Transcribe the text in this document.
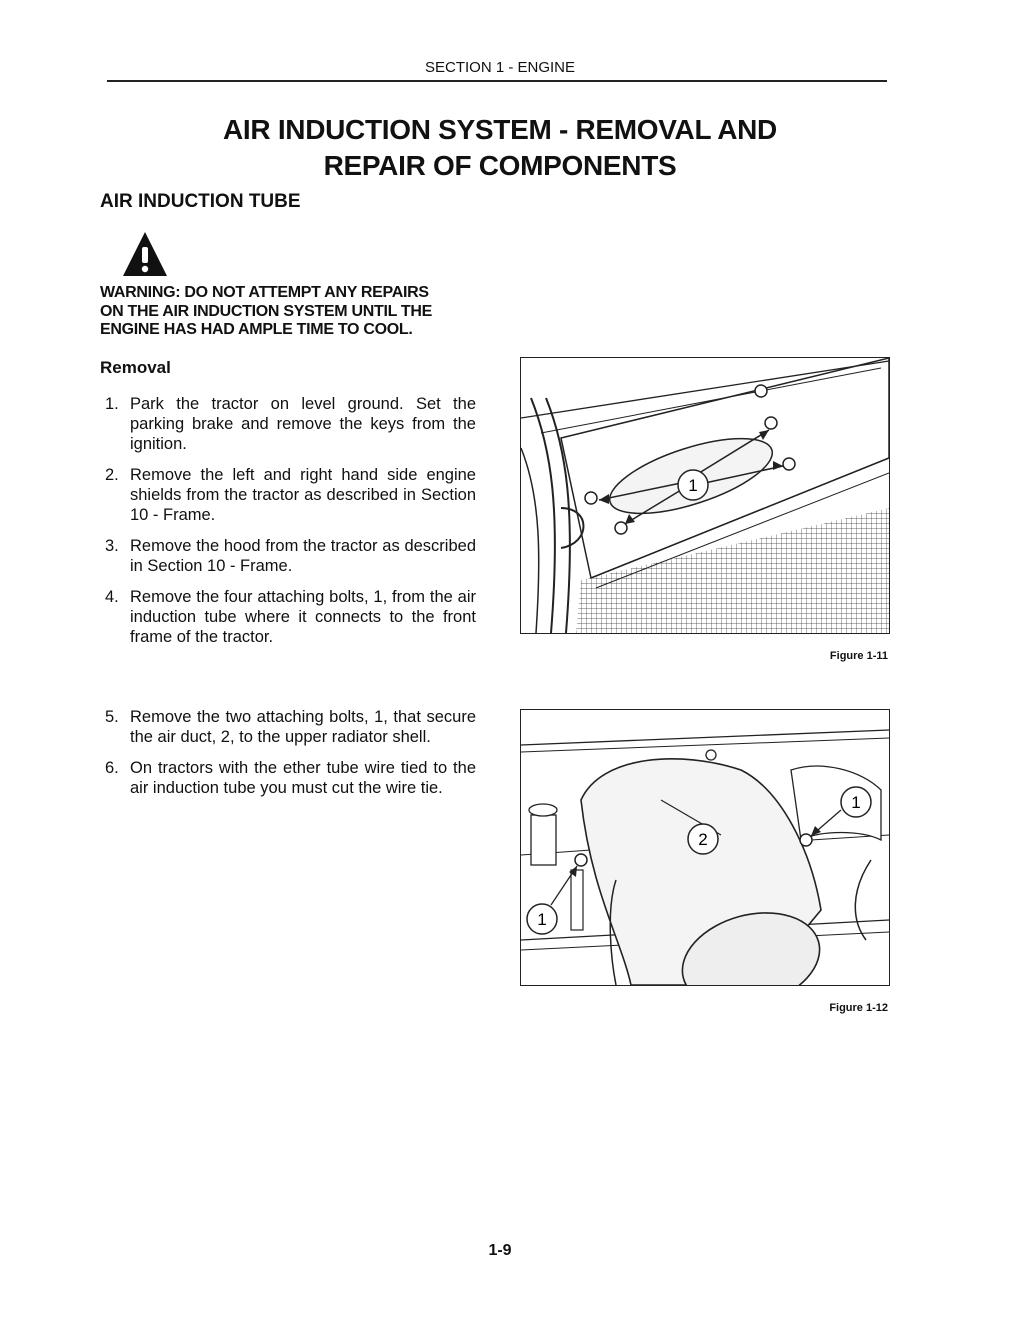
SECTION 1 - ENGINE
AIR INDUCTION SYSTEM - REMOVAL AND
REPAIR OF COMPONENTS
AIR INDUCTION TUBE
WARNING: DO NOT ATTEMPT ANY REPAIRS
ON THE AIR INDUCTION SYSTEM UNTIL THE
ENGINE HAS HAD AMPLE TIME TO COOL.
Removal
1. Park the tractor on level ground. Set the parking brake and remove the keys from the ignition.
2. Remove the left and right hand side engine shields from the tractor as described in Section 10 - Frame.
3. Remove the hood from the tractor as described in Section 10 - Frame.
4. Remove the four attaching bolts, 1, from the air induction tube where it connects to the front frame of the tractor.
5. Remove the two attaching bolts, 1, that secure the air duct, 2, to the upper radiator shell.
6. On tractors with the ether tube wire tied to the air induction tube you must cut the wire tie.
1
Figure 1-11
2
1
1
Figure 1-12
1-9
